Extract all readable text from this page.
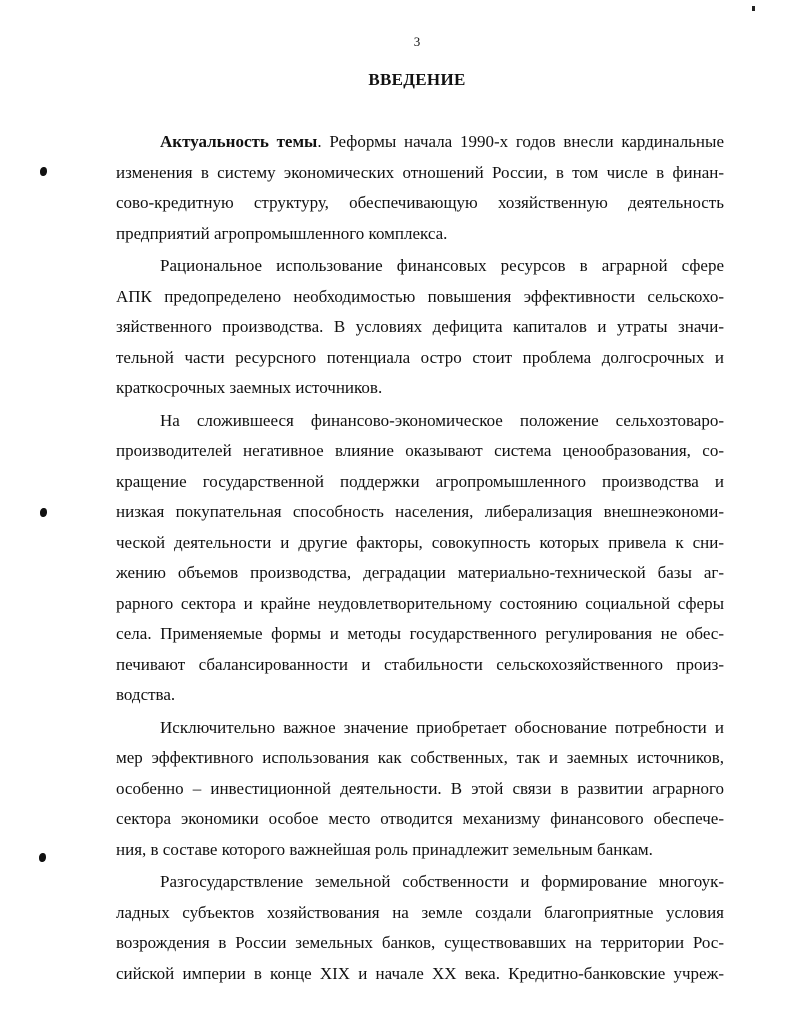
3
ВВЕДЕНИЕ
Актуальность темы. Реформы начала 1990-х годов внесли кардинальные
изменения в систему экономических отношений России, в том числе в финан-
сово-кредитную структуру, обеспечивающую хозяйственную деятельность
предприятий агропромышленного комплекса.
Рациональное использование финансовых ресурсов в аграрной сфере
АПК предопределено необходимостью повышения эффективности сельскохо-
зяйственного производства. В условиях дефицита капиталов и утраты значи-
тельной части ресурсного потенциала остро стоит проблема долгосрочных и
краткосрочных заемных источников.
На сложившееся финансово-экономическое положение сельхозтоваро-
производителей негативное влияние оказывают система ценообразования, со-
кращение государственной поддержки агропромышленного производства и
низкая покупательная способность населения, либерализация внешнеэкономи-
ческой деятельности и другие факторы, совокупность которых привела к сни-
жению объемов производства, деградации материально-технической базы аг-
рарного сектора и крайне неудовлетворительному состоянию социальной сферы
села. Применяемые формы и методы государственного регулирования не обес-
печивают сбалансированности и стабильности сельскохозяйственного произ-
водства.
Исключительно важное значение приобретает обоснование потребности и
мер эффективного использования как собственных, так и заемных источников,
особенно – инвестиционной деятельности. В этой связи в развитии аграрного
сектора экономики особое место отводится механизму финансового обеспече-
ния, в составе которого важнейшая роль принадлежит земельным банкам.
Разгосударствление земельной собственности и формирование многоук-
ладных субъектов хозяйствования на земле создали благоприятные условия
возрождения в России земельных банков, существовавших на территории Рос-
сийской империи в конце XIX и начале XX века. Кредитно-банковские учреж-
